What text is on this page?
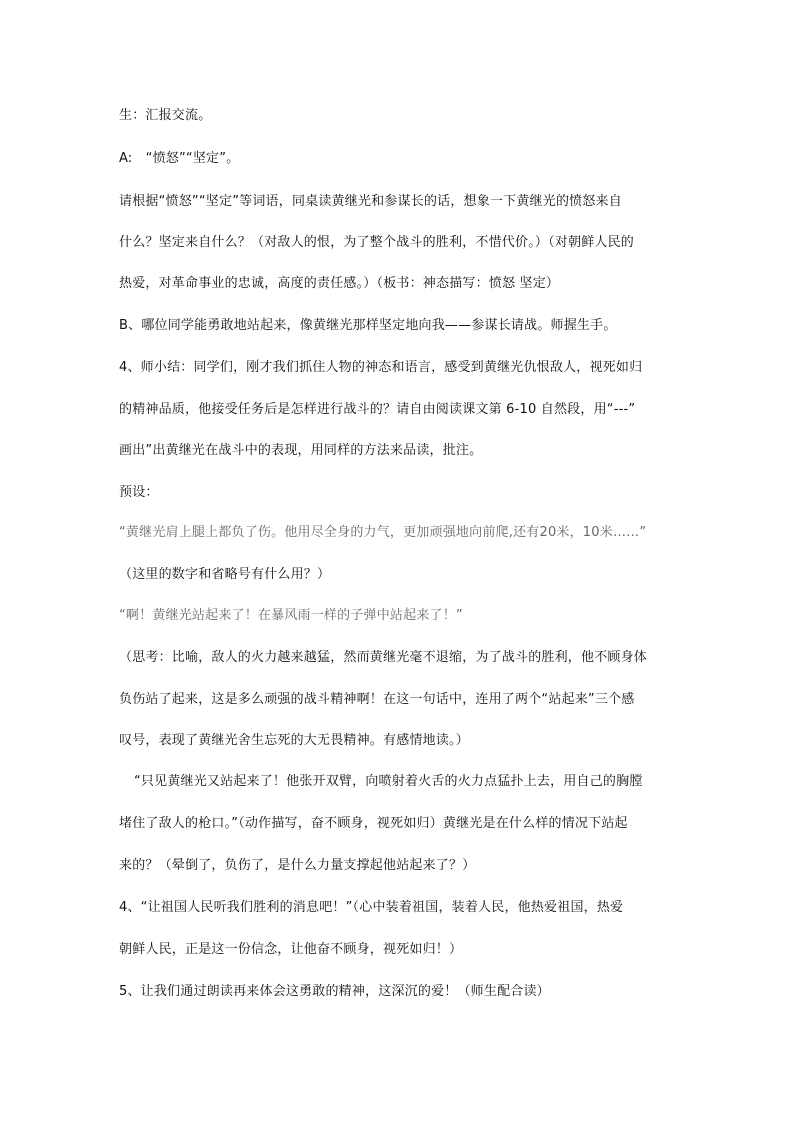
生：汇报交流。
A:　“愤怒”“坚定”。
请根据“愤怒”“坚定”等词语，同桌读黄继光和参谋长的话，想象一下黄继光的愤怒来自
什么？坚定来自什么？（对敌人的恨，为了整个战斗的胜利，不惜代价。）（对朝鲜人民的
热爱，对革命事业的忠诚，高度的责任感。）（板书：神态描写：愤怒 坚定）
B、哪位同学能勇敢地站起来，像黄继光那样坚定地向我——参谋长请战。师握生手。
4、师小结：同学们，刚才我们抓住人物的神态和语言，感受到黄继光仇恨敌人，视死如归
的精神品质，他接受任务后是怎样进行战斗的？请自由阅读课文第 6-10 自然段，用“---”
画出”出黄继光在战斗中的表现，用同样的方法来品读，批注。
预设：
“黄继光肩上腿上都负了伤。他用尽全身的力气，更加顽强地向前爬,还有20米，10米……”
（这里的数字和省略号有什么用？）
“啊！黄继光站起来了！在暴风雨一样的子弹中站起来了！”
（思考：比喻，敌人的火力越来越猛，然而黄继光毫不退缩，为了战斗的胜利，他不顾身体
负伤站了起来，这是多么顽强的战斗精神啊！在这一句话中，连用了两个“站起来”三个感
叹号，表现了黄继光舍生忘死的大无畏精神。有感情地读。）
“只见黄继光又站起来了！他张开双臂，向喷射着火舌的火力点猛扑上去，用自己的胸膛
堵住了敌人的枪口。”（动作描写，奋不顾身，视死如归）黄继光是在什么样的情况下站起
来的？（晕倒了，负伤了，是什么力量支撑起他站起来了？）
4、“让祖国人民听我们胜利的消息吧！”（心中装着祖国，装着人民，他热爱祖国，热爱
朝鲜人民，正是这一份信念，让他奋不顾身，视死如归！）
5、让我们通过朗读再来体会这勇敢的精神，这深沉的爱！（师生配合读）
